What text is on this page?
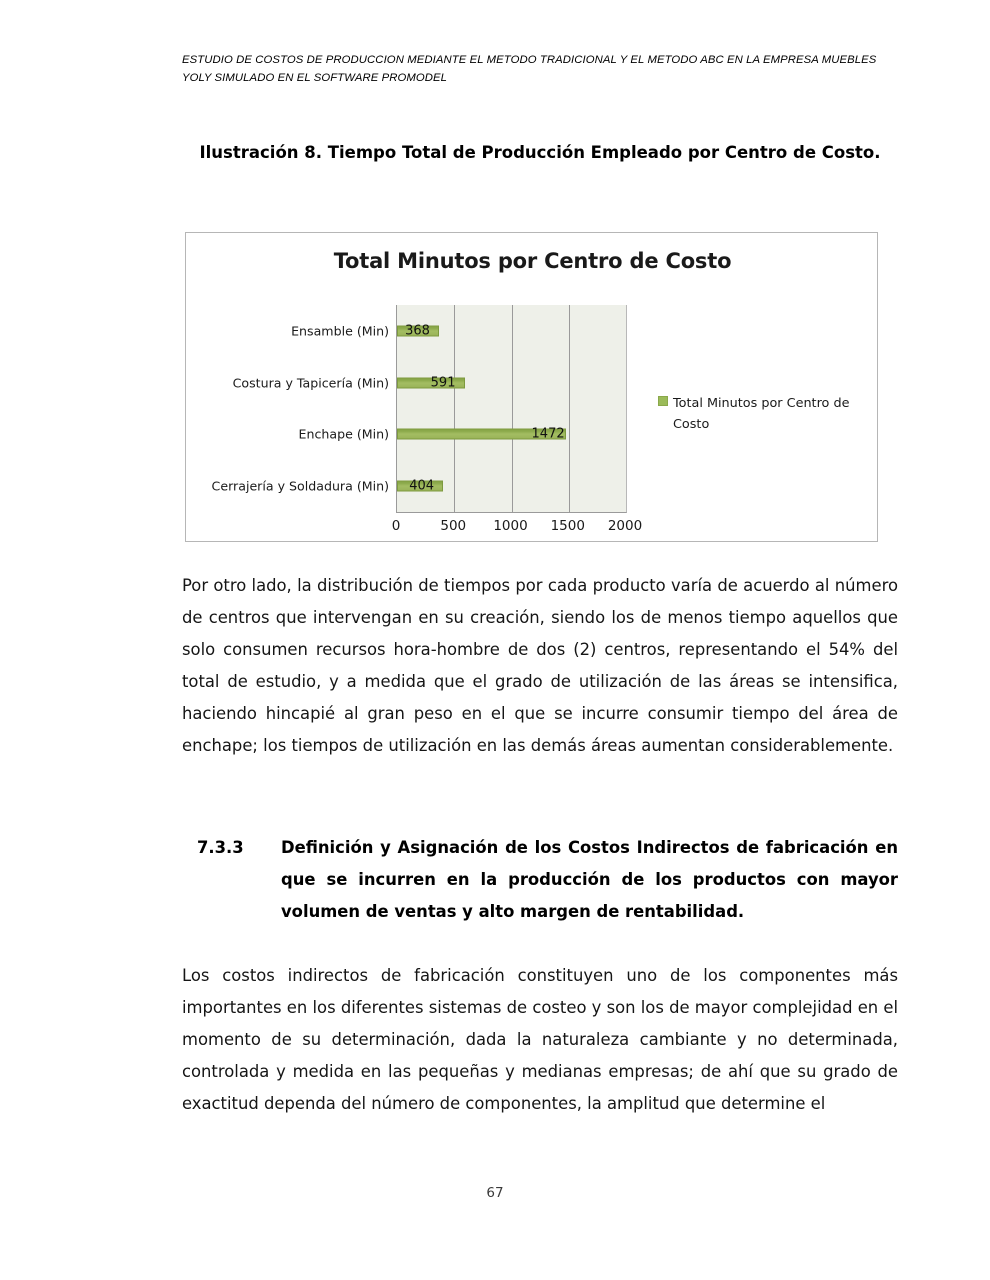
ESTUDIO DE COSTOS DE PRODUCCION MEDIANTE EL METODO TRADICIONAL Y EL METODO ABC EN LA EMPRESA MUEBLES YOLY SIMULADO EN EL SOFTWARE PROMODEL
Ilustración 8. Tiempo Total de Producción Empleado por Centro de Costo.
Total Minutos por Centro de Costo
368
Ensamble (Min)
591
Costura y Tapicería (Min)
1472
Enchape (Min)
404
Cerrajería y Soldadura (Min)
0	500 1000 1500 2000
Total Minutos por Centro de Costo
Por otro lado, la distribución de tiempos por cada producto varía de acuerdo al número de centros que intervengan en su creación, siendo los de menos tiempo aquellos que solo consumen recursos hora-hombre de dos (2) centros, representando el 54% del total de estudio, y a medida que el grado de utilización de las áreas se intensifica, haciendo hincapié al gran peso en el que se incurre consumir tiempo del área de enchape; los tiempos de utilización en las demás áreas aumentan considerablemente.
7.3.3	Definición y Asignación de los Costos Indirectos de fabricación en que se incurren en la producción de los productos con mayor  volumen de ventas y alto margen de rentabilidad.
Los costos indirectos de fabricación constituyen uno de los componentes más importantes en los diferentes sistemas de costeo y son los de mayor complejidad en el momento de su determinación, dada la naturaleza cambiante y no determinada, controlada y medida en las pequeñas y medianas empresas; de ahí que su grado de exactitud dependa del número de componentes, la amplitud que determine el
67
